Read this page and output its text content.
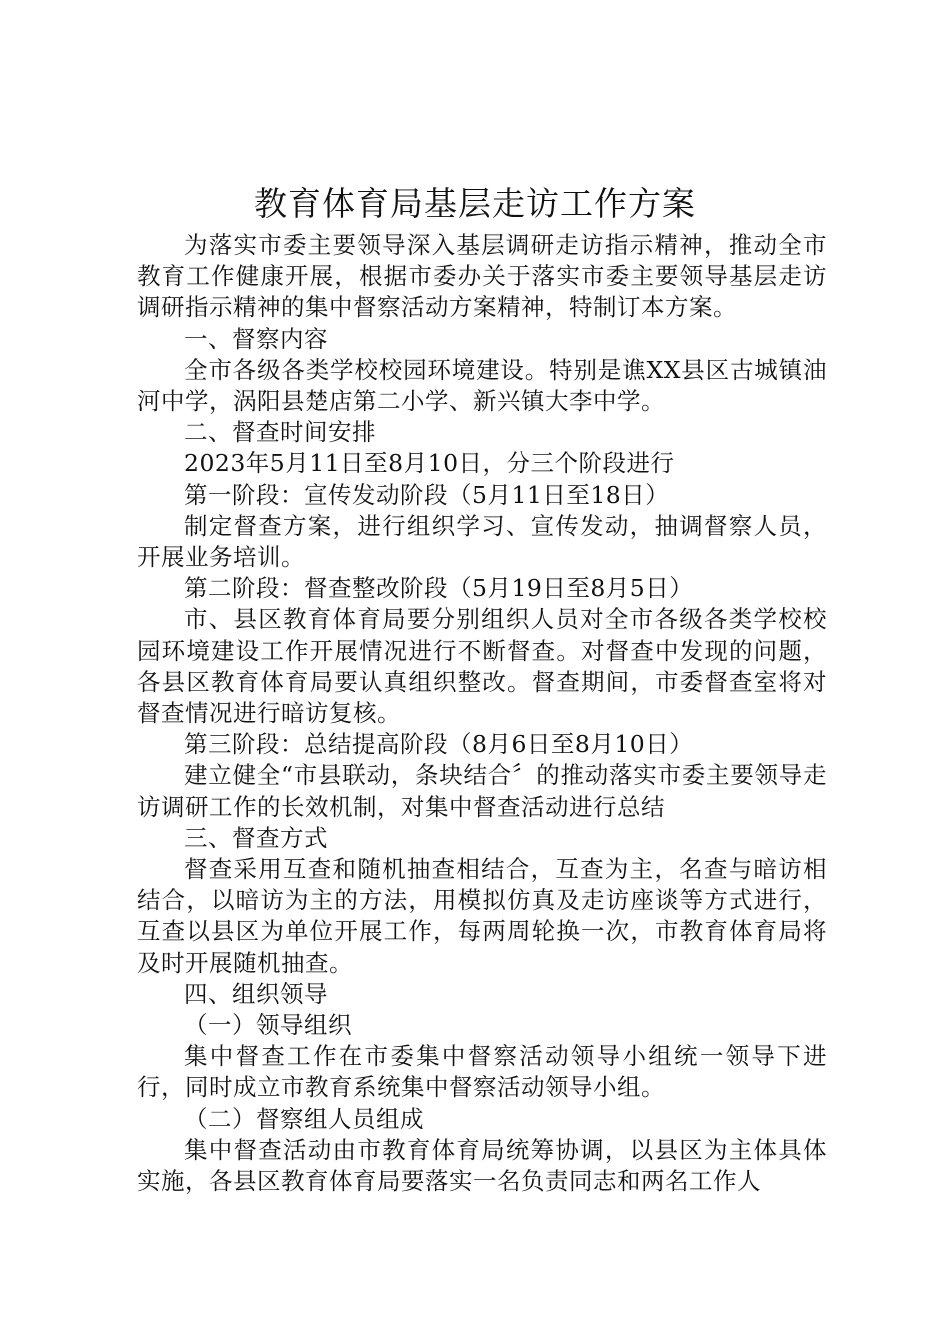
教育体育局基层走访工作方案

为落实市委主要领导深入基层调研走访指示精神，推动全市教育工作健康开展，根据市委办关于落实市委主要领导基层走访调研指示精神的集中督察活动方案精神，特制订本方案。

一、督察内容

全市各级各类学校校园环境建设。特别是谯XX县区古城镇油河中学，涡阳县楚店第二小学、新兴镇大李中学。

二、督查时间安排

2023年5月11日至8月10日，分三个阶段进行

第一阶段：宣传发动阶段（5月11日至18日）

制定督查方案，进行组织学习、宣传发动，抽调督察人员，开展业务培训。

第二阶段：督查整改阶段（5月19日至8月5日）

市、县区教育体育局要分别组织人员对全市各级各类学校校园环境建设工作开展情况进行不断督查。对督查中发现的问题，各县区教育体育局要认真组织整改。督查期间，市委督查室将对督查情况进行暗访复核。

第三阶段：总结提高阶段（8月6日至8月10日）

建立健全“市县联动，条块结合〞的推动落实市委主要领导走访调研工作的长效机制，对集中督查活动进行总结

三、督查方式

督查采用互查和随机抽查相结合，互查为主，名查与暗访相结合，以暗访为主的方法，用模拟仿真及走访座谈等方式进行，互查以县区为单位开展工作，每两周轮换一次，市教育体育局将及时开展随机抽查。

四、组织领导

（一）领导组织

集中督查工作在市委集中督察活动领导小组统一领导下进行，同时成立市教育系统集中督察活动领导小组。

（二）督察组人员组成

集中督查活动由市教育体育局统筹协调，以县区为主体具体实施，各县区教育体育局要落实一名负责同志和两名工作人
